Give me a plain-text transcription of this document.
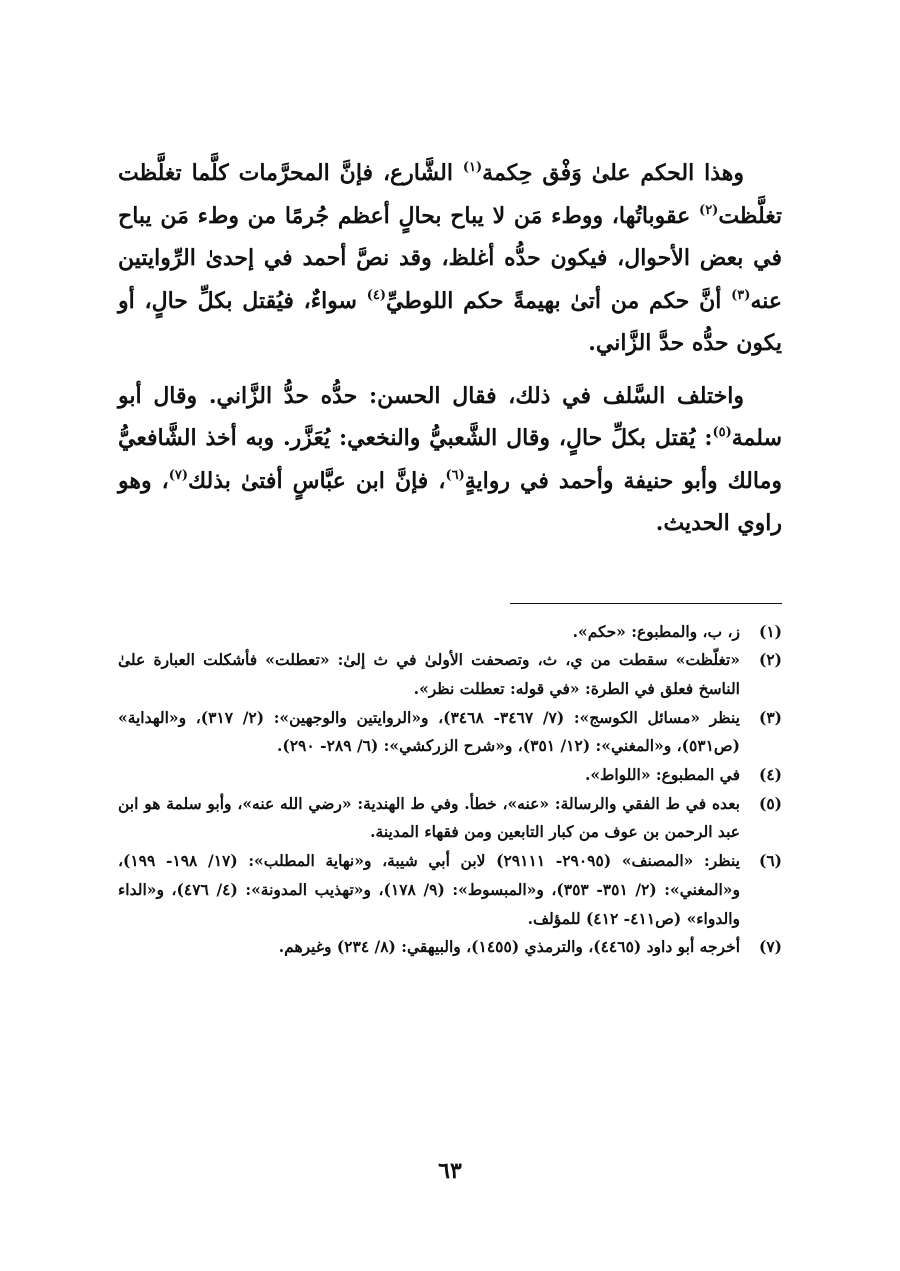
وهذا الحكم علىٰ وَفْق حِكمة$^{(١)}$ الشَّارع، فإنَّ المحرَّمات كلَّما تغلَّظت تغلَّظت$^{(٢)}$ عقوباتُها، ووطء مَن لا يباح بحالٍ أعظم جُرمًا من وطء مَن يباح في بعض الأحوال، فيكون حدُّه أغلظ، وقد نصَّ أحمد في إحدىٰ الرِّوايتين عنه$^{(٣)}$ أنَّ حكم من أتىٰ بهيمةً حكم اللوطيِّ$^{(٤)}$ سواءٌ، فيُقتل بكلِّ حالٍ، أو يكون حدُّه حدَّ الزَّاني.

واختلف السَّلف في ذلك، فقال الحسن: حدُّه حدُّ الزَّاني. وقال أبو سلمة$^{(٥)}$: يُقتل بكلِّ حالٍ، وقال الشَّعبيُّ والنخعي: يُعَزَّر. وبه أخذ الشَّافعيُّ ومالك وأبو حنيفة وأحمد في روايةٍ$^{(٦)}$، فإنَّ ابن عبَّاسٍ أفتىٰ بذلك$^{(٧)}$، وهو راوي الحديث.

(١)
ز، ب، والمطبوع: «حكم».
(٢)
«تغلّظت» سقطت من ي، ث، وتصحفت الأولىٰ في ث إلىٰ: «تعطلت» فأشكلت العبارة علىٰ الناسخ فعلق في الطرة: «في قوله: تعطلت نظر».
(٣)
ينظر «مسائل الكوسج»: (٧/ ٣٤٦٧- ٣٤٦٨)، و«الروايتين والوجهين»: (٢/ ٣١٧)، و«الهداية» (ص٥٣١)، و«المغني»: (١٢/ ٣٥١)، و«شرح الزركشي»: (٦/ ٢٨٩- ٢٩٠).
(٤)
في المطبوع: «اللواط».
(٥)
بعده في ط الفقي والرسالة: «عنه»، خطأ. وفي ط الهندية: «رضي الله عنه»، وأبو سلمة هو ابن عبد الرحمن بن عوف من كبار التابعين ومن فقهاء المدينة.
(٦)
ينظر: «المصنف» (٢٩٠٩٥- ٢٩١١١) لابن أبي شيبة، و«نهاية المطلب»: (١٧/ ١٩٨- ١٩٩)، و«المغني»: (٢/ ٣٥١- ٣٥٣)، و«المبسوط»: (٩/ ١٧٨)، و«تهذيب المدونة»: (٤/ ٤٧٦)، و«الداء والدواء» (ص٤١١- ٤١٢) للمؤلف.
(٧)
أخرجه أبو داود (٤٤٦٥)، والترمذي (١٤٥٥)، والبيهقي: (٨/ ٢٣٤) وغيرهم.
٦٣
